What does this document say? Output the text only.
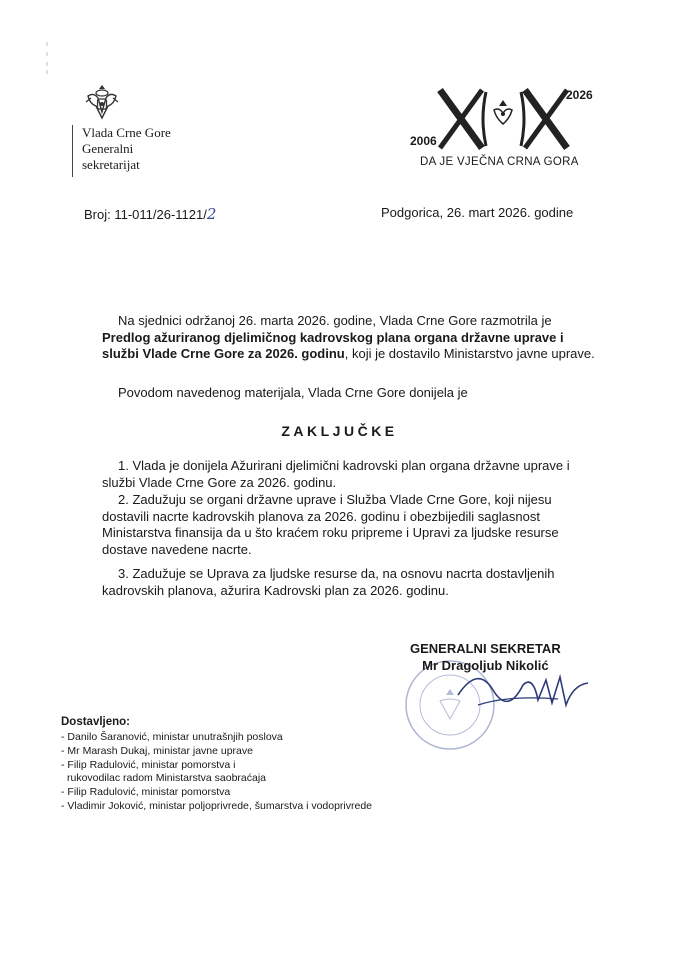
Vlada Crne Gore
Generalni
sekretarijat
2006
2026
DA JE VJEČNA CRNA GORA
Broj: 11-011/26-1121/2	Podgorica, 26. mart 2026. godine
Na sjednici održanoj 26. marta 2026. godine, Vlada Crne Gore razmotrila je Predlog ažuriranog djelimičnog kadrovskog plana organa državne uprave i službi Vlade Crne Gore za 2026. godinu, koji je dostavilo Ministarstvo javne uprave.
Povodom navedenog materijala, Vlada Crne Gore donijela je
ZAKLJUČKE
1. Vlada je donijela Ažurirani djelimični kadrovski plan organa državne uprave i službi Vlade Crne Gore za 2026. godinu.
2. Zadužuju se organi državne uprave i Služba Vlade Crne Gore, koji nijesu dostavili nacrte kadrovskih planova za 2026. godinu i obezbijedili saglasnost Ministarstva finansija da u što kraćem roku pripreme i Upravi za ljudske resurse dostave navedene nacrte.
3. Zadužuje se Uprava za ljudske resurse da, na osnovu nacrta dostavljenih kadrovskih planova, ažurira Kadrovski plan za 2026. godinu.
GENERALNI SEKRETAR
Mr Dragoljub Nikolić
Dostavljeno:
- Danilo Šaranović, ministar unutrašnjih poslova
- Mr Marash Dukaj, ministar javne uprave
- Filip Radulović, ministar pomorstva i
rukovodilac radom Ministarstva saobraćaja
- Filip Radulović, ministar pomorstva
- Vladimir Joković, ministar poljoprivrede, šumarstva i vodoprivrede
